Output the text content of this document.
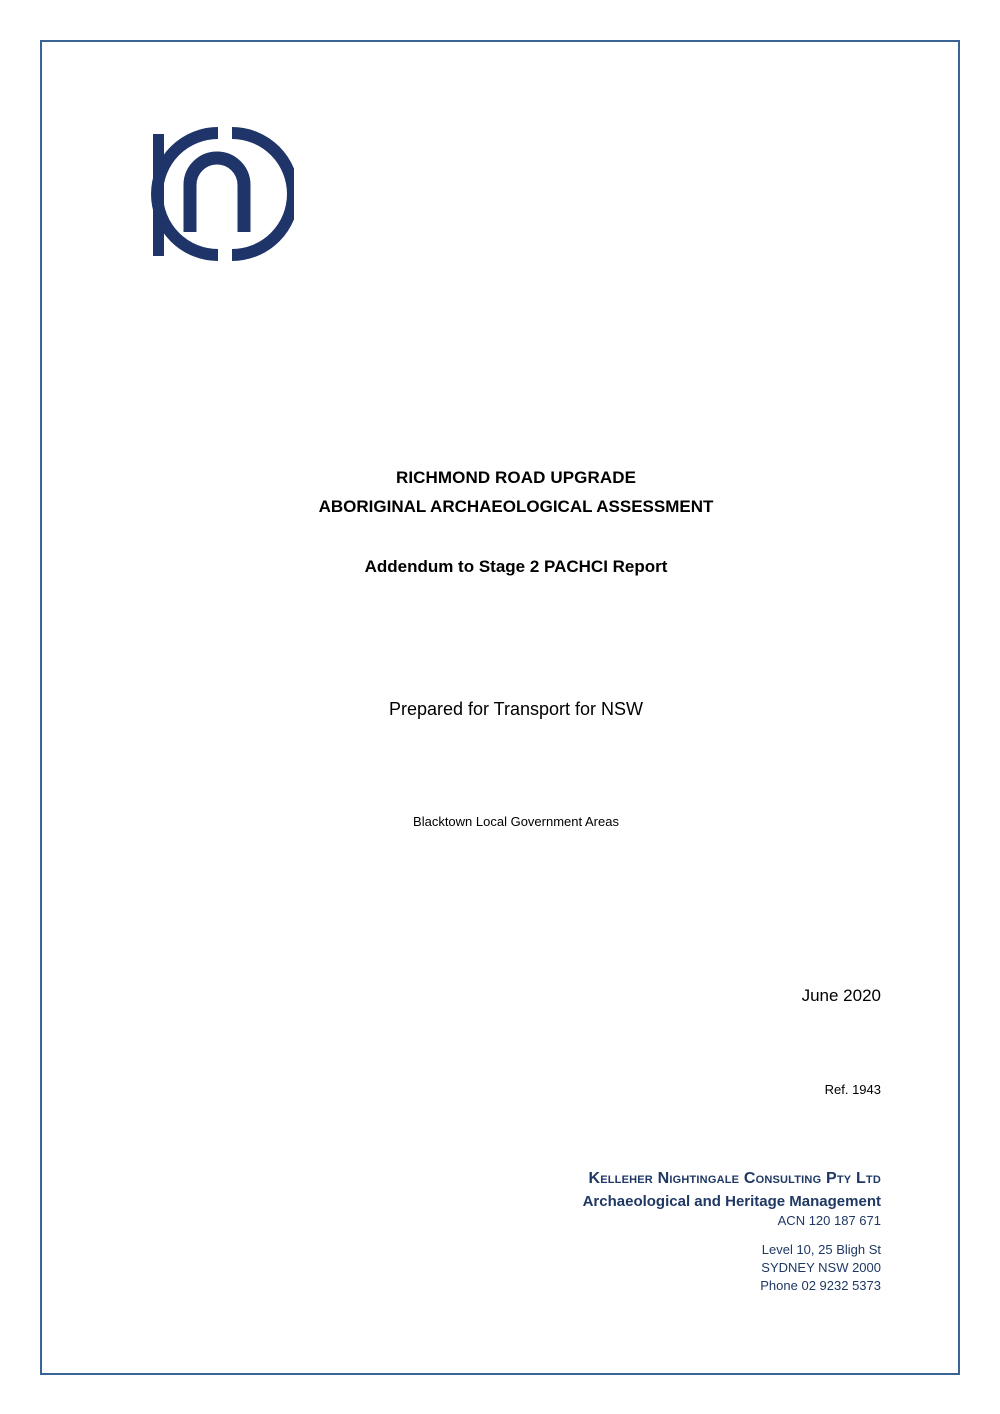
RICHMOND ROAD UPGRADE
ABORIGINAL ARCHAEOLOGICAL ASSESSMENT
Addendum to Stage 2 PACHCI Report
Prepared for Transport for NSW
Blacktown Local Government Areas
June 2020
Ref. 1943
Kelleher Nightingale Consulting Pty Ltd
Archaeological and Heritage Management
ACN 120 187 671
Level 10, 25 Bligh St
SYDNEY NSW 2000
Phone 02 9232 5373
